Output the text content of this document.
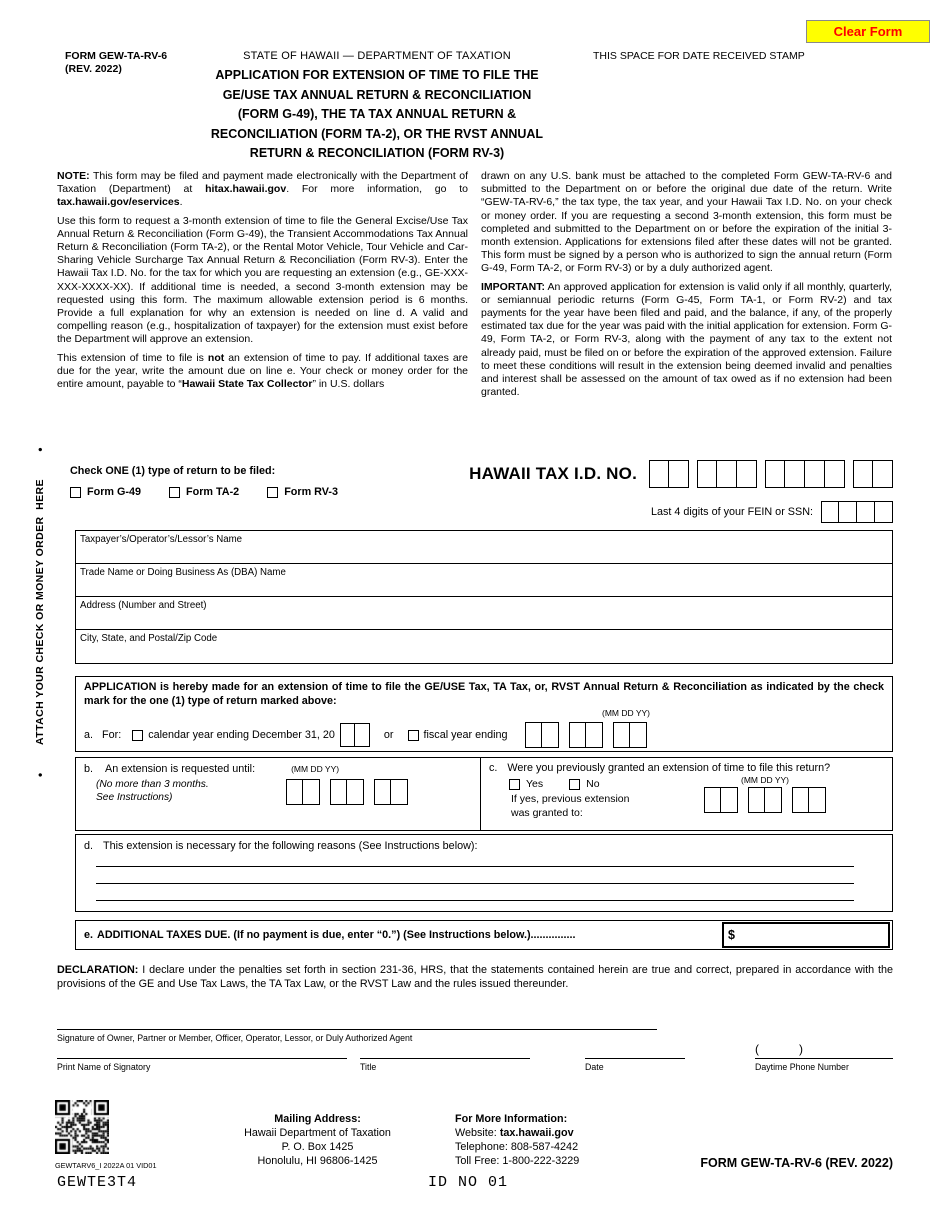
Clear Form
FORM GEW-TA-RV-6
(REV. 2022)
STATE OF HAWAII — DEPARTMENT OF TAXATION
APPLICATION FOR EXTENSION OF TIME TO FILE THE
GE/USE TAX ANNUAL RETURN & RECONCILIATION
(FORM G-49), THE TA TAX ANNUAL RETURN &
RECONCILIATION (FORM TA-2), OR THE RVST ANNUAL
RETURN & RECONCILIATION (FORM RV-3)
THIS SPACE FOR DATE RECEIVED STAMP

NOTE: This form may be filed and payment made electronically with the Department of Taxation (Department) at hitax.hawaii.gov. For more information, go to tax.hawaii.gov/eservices.

Use this form to request a 3-month extension of time to file the General Excise/Use Tax Annual Return & Reconciliation (Form G-49), the Transient Accommodations Tax Annual Return & Reconciliation (Form TA-2), or the Rental Motor Vehicle, Tour Vehicle and Car-Sharing Vehicle Surcharge Tax Annual Return & Reconciliation (Form RV-3). Enter the Hawaii Tax I.D. No. for the tax for which you are requesting an extension (e.g., GE-XXX-XXX-XXXX-XX). If additional time is needed, a second 3-month extension may be requested using this form. The maximum allowable extension period is 6 months. Provide a full explanation for why an extension is needed on line d. A valid and compelling reason (e.g., hospitalization of taxpayer) for the extension must exist before the Department will approve an extension.

This extension of time to file is not an extension of time to pay. If additional taxes are due for the year, write the amount due on line e. Your check or money order for the entire amount, payable to “Hawaii State Tax Collector” in U.S. dollars

drawn on any U.S. bank must be attached to the completed Form GEW-TA-RV-6 and submitted to the Department on or before the original due date of the return. Write “GEW-TA-RV-6,” the tax type, the tax year, and your Hawaii Tax I.D. No. on your check or money order. If you are requesting a second 3-month extension, this form must be completed and submitted to the Department on or before the expiration of the initial 3-month extension. Applications for extensions filed after these dates will not be granted. This form must be signed by a person who is authorized to sign the annual return (Form G-49, Form TA-2, or Form RV-3) or by a duly authorized agent.

IMPORTANT: An approved application for extension is valid only if all monthly, quarterly, or semiannual periodic returns (Form G-45, Form TA-1, or Form RV-2) and tax payments for the year have been filed and paid, and the balance, if any, of the properly estimated tax due for the year was paid with the initial application for extension. Form G-49, Form TA-2, or Form RV-3, along with the payment of any tax to the extent not already paid, must be filed on or before the expiration of the approved extension. Failure to meet these conditions will result in the extension being deemed invalid and penalties and interest shall be assessed on the amount of tax owed as if no extension had been granted.

•
ATTACH YOUR CHECK OR MONEY ORDER  HERE
•
Check ONE (1) type of return to be filed:
Form G-49	Form TA-2	Form RV-3
HAWAII TAX I.D. NO.
Last 4 digits of your FEIN or SSN:
Taxpayer’s/Operator’s/Lessor’s Name
Trade Name or Doing Business As (DBA) Name
Address (Number and Street)
City, State, and Postal/Zip Code
APPLICATION is hereby made for an extension of time to file the GE/USE Tax, TA Tax, or, RVST Annual Return & Reconciliation as indicated by the check mark for the one (1) type of return marked above:
(MM DD YY)
a. For:	calendar year ending December 31, 20	or	fiscal year ending
b. An extension is requested until:	(MM DD YY)
(No more than 3 months.
See Instructions)
c. Were you previously granted an extension of time to file this return?
Yes	No
If yes, previous extension
was granted to:
(MM DD YY)
d. This extension is necessary for the following reasons (See Instructions below):
e. ADDITIONAL TAXES DUE. (If no payment is due, enter “0.”) (See Instructions below.) ...............	$
DECLARATION: I declare under the penalties set forth in section 231-36, HRS, that the statements contained herein are true and correct, prepared in accordance with the provisions of the GE and Use Tax Laws, the TA Tax Law, or the RVST Law and the rules issued thereunder.
Signature of Owner, Partner or Member, Officer, Operator, Lessor, or Duly Authorized Agent
Print Name of Signatory	Title	Date
(            )
Daytime Phone Number
GEWTARV6_I 2022A 01 VID01
Mailing Address:
Hawaii Department of Taxation
P. O. Box 1425
Honolulu, HI 96806-1425
For More Information:
Website: tax.hawaii.gov
Telephone: 808-587-4242
Toll Free: 1-800-222-3229	FORM GEW-TA-RV-6 (REV. 2022)
GEWTE3T4	ID NO 01
